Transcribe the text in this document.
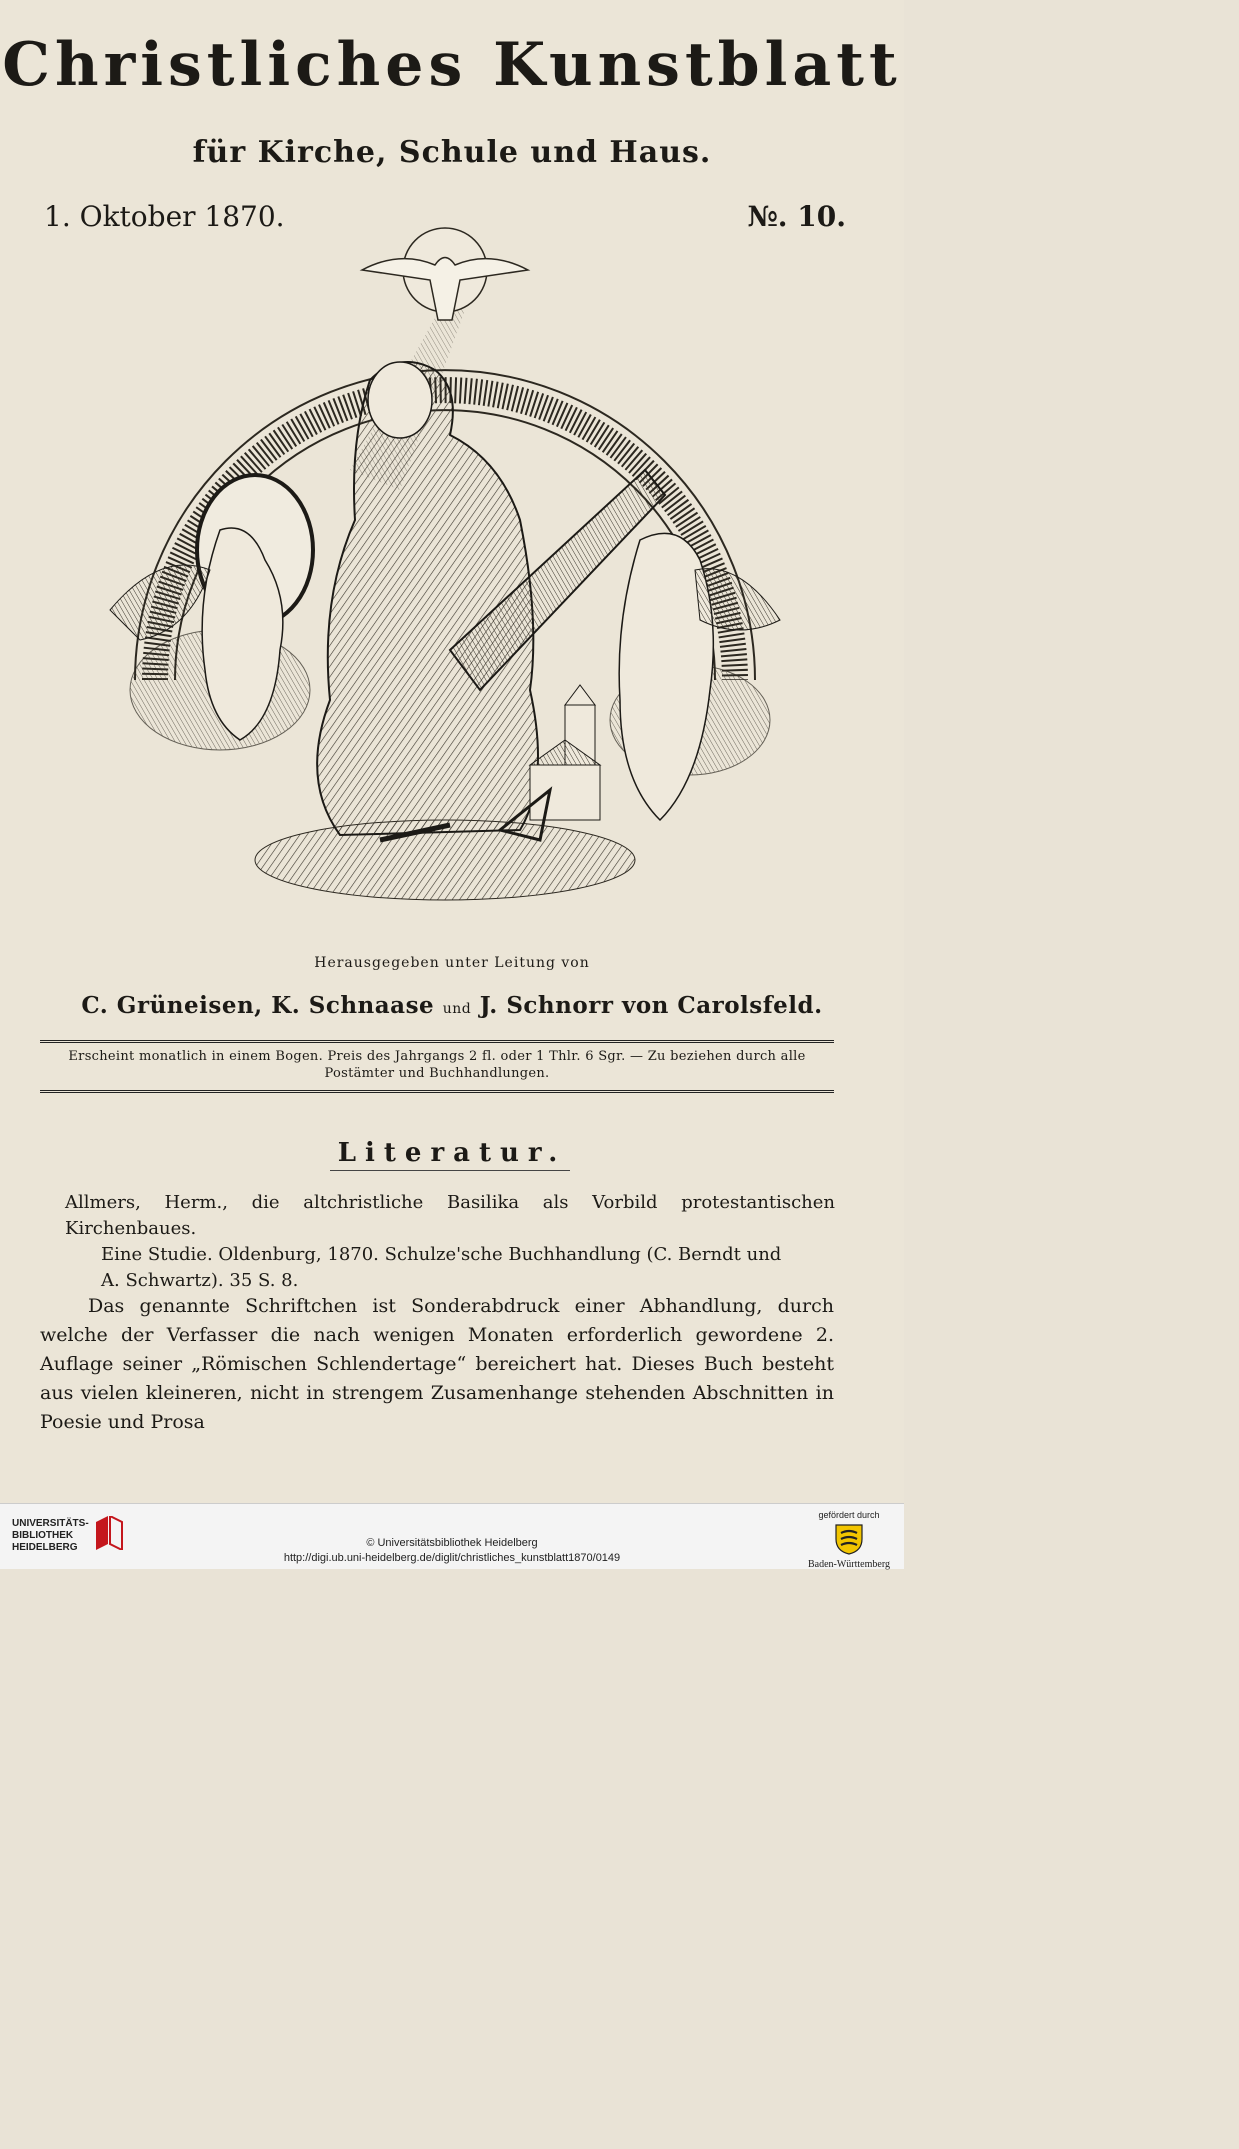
Christliches Kunstblatt
für Kirche, Schule und Haus.
1. Oktober 1870.	№. 10.
Herausgegeben unter Leitung von
C. Grüneisen, K. Schnaase und J. Schnorr von Carolsfeld.
Erscheint monatlich in einem Bogen. Preis des Jahrgangs 2 fl. oder 1 Thlr. 6 Sgr. — Zu beziehen durch alle
Postämter und Buchhandlungen.
Literatur.
Allmers, Herm., die altchristliche Basilika als Vorbild protestantischen Kirchenbaues.
Eine Studie. Oldenburg, 1870. Schulze'sche Buchhandlung (C. Berndt und
A. Schwartz). 35 S. 8.
Das genannte Schriftchen ist Sonderabdruck einer Abhandlung, durch welche der Verfasser die nach wenigen Monaten erforderlich gewordene 2. Auflage seiner „Römischen Schlendertage“ bereichert hat. Dieses Buch besteht aus vielen kleineren, nicht in strengem Zusamenhange stehenden Abschnitten in Poesie und Prosa
UNIVERSITÄTS-
BIBLIOTHEK
HEIDELBERG	© Universitätsbibliothek Heidelberg
http://digi.ub.uni-heidelberg.de/diglit/christliches_kunstblatt1870/0149
gefördert durch
Baden-Württemberg
